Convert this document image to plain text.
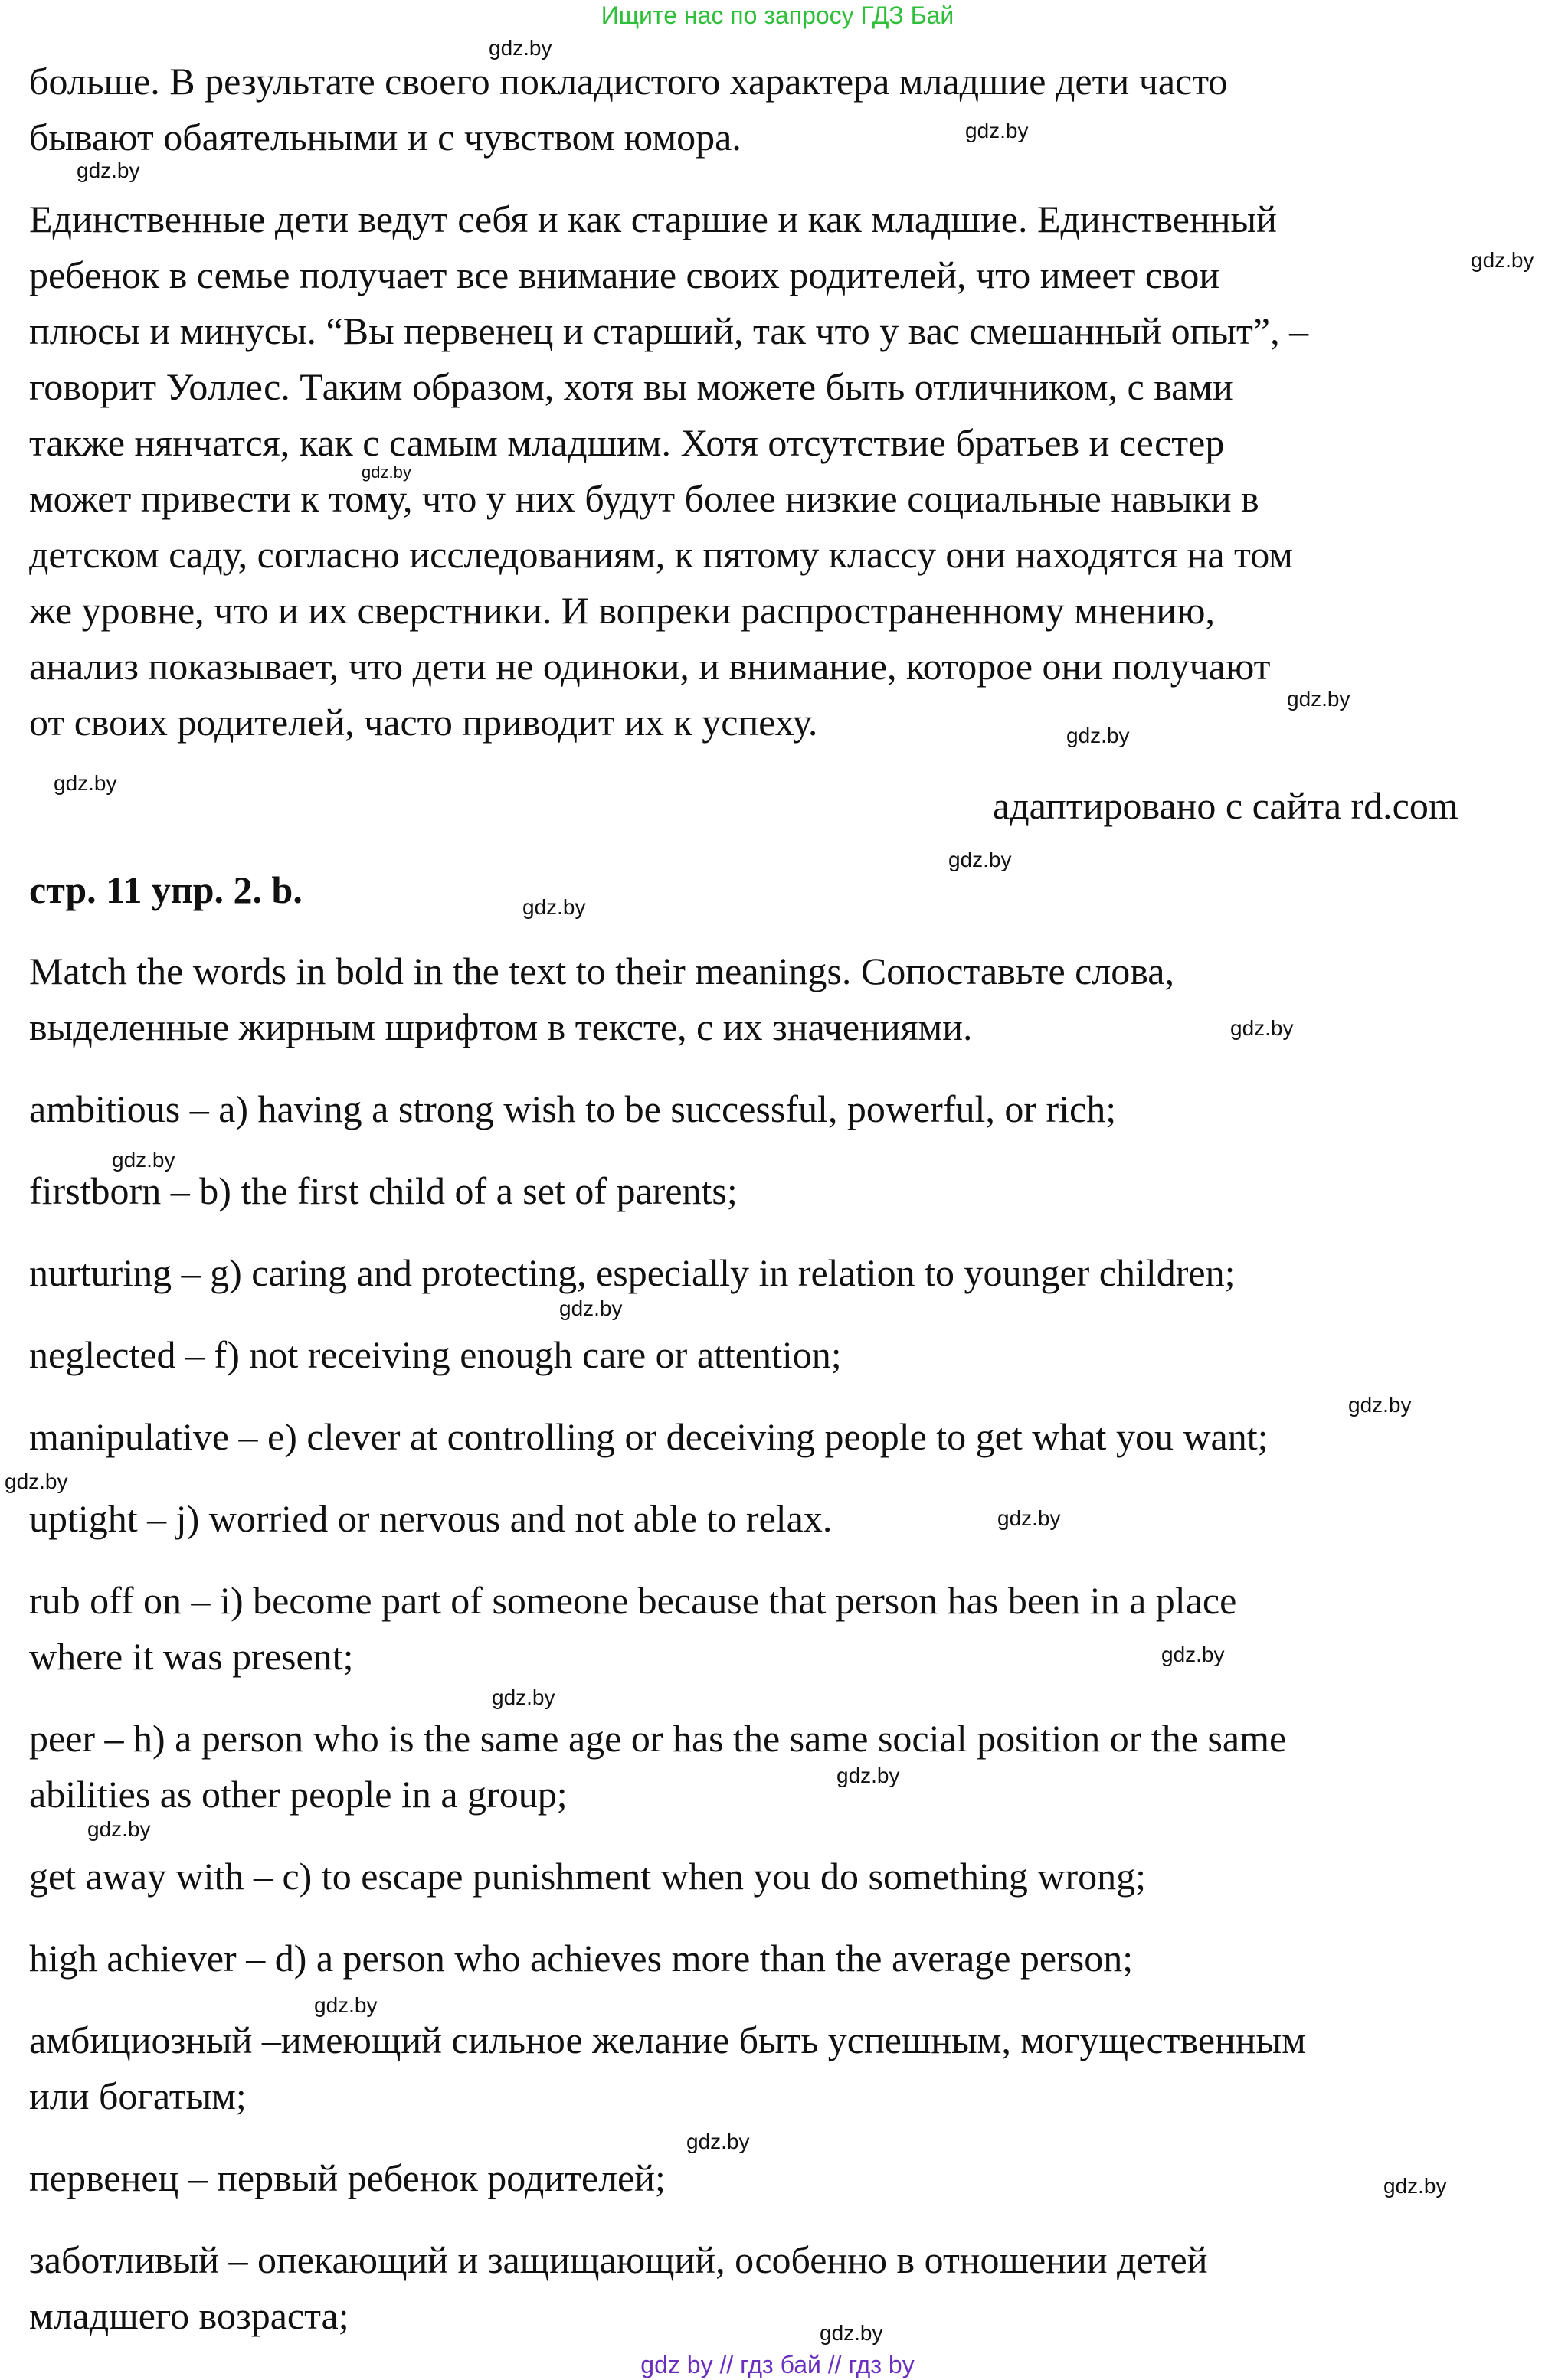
Ищите нас по запросу ГДЗ Бай

больше. В результате своего покладистого характера младшие дети часто

бывают обаятельными и с чувством юмора.

Единственные дети ведут себя и как старшие и как младшие. Единственный

ребенок в семье получает все внимание своих родителей, что имеет свои

плюсы и минусы. “Вы первенец и старший, так что у вас смешанный опыт”, –

говорит Уоллес. Таким образом, хотя вы можете быть отличником, с вами

также нянчатся, как с самым младшим. Хотя отсутствие братьев и сестер

может привести к тому, что у них будут более низкие социальные навыки в

детском саду, согласно исследованиям, к пятому классу они находятся на том

же уровне, что и их сверстники. И вопреки распространенному мнению,

анализ показывает, что дети не одиноки, и внимание, которое они получают

от своих родителей, часто приводит их к успеху.

адаптировано с сайта rd.com

стр. 11 упр. 2. b.

Match the words in bold in the text to their meanings. Сопоставьте слова,

выделенные жирным шрифтом в тексте, с их значениями.

ambitious – a) having a strong wish to be successful, powerful, or rich;

firstborn – b) the first child of a set of parents;

nurturing – g) caring and protecting, especially in relation to younger children;

neglected – f) not receiving enough care or attention;

manipulative – e) clever at controlling or deceiving people to get what you want;

uptight – j) worried or nervous and not able to relax.

rub off on – i) become part of someone because that person has been in a place

where it was present;

peer – h) a person who is the same age or has the same social position or the same

abilities as other people in a group;

get away with – c) to escape punishment when you do something wrong;

high achiever – d) a person who achieves more than the average person;

амбициозный –имеющий сильное желание быть успешным, могущественным

или богатым;

первенец – первый ребенок родителей;

заботливый – опекающий и защищающий, особенно в отношении детей

младшего возраста;

gdz.by
gdz.by
gdz.by
gdz.by
gdz.by
gdz.by
gdz.by
gdz.by
gdz.by
gdz.by
gdz.by
gdz.by
gdz.by
gdz.by
gdz.by
gdz.by
gdz.by
gdz.by
gdz.by
gdz.by
gdz.by
gdz.by
gdz.by
gdz.by
gdz by // гдз бай // гдз by
